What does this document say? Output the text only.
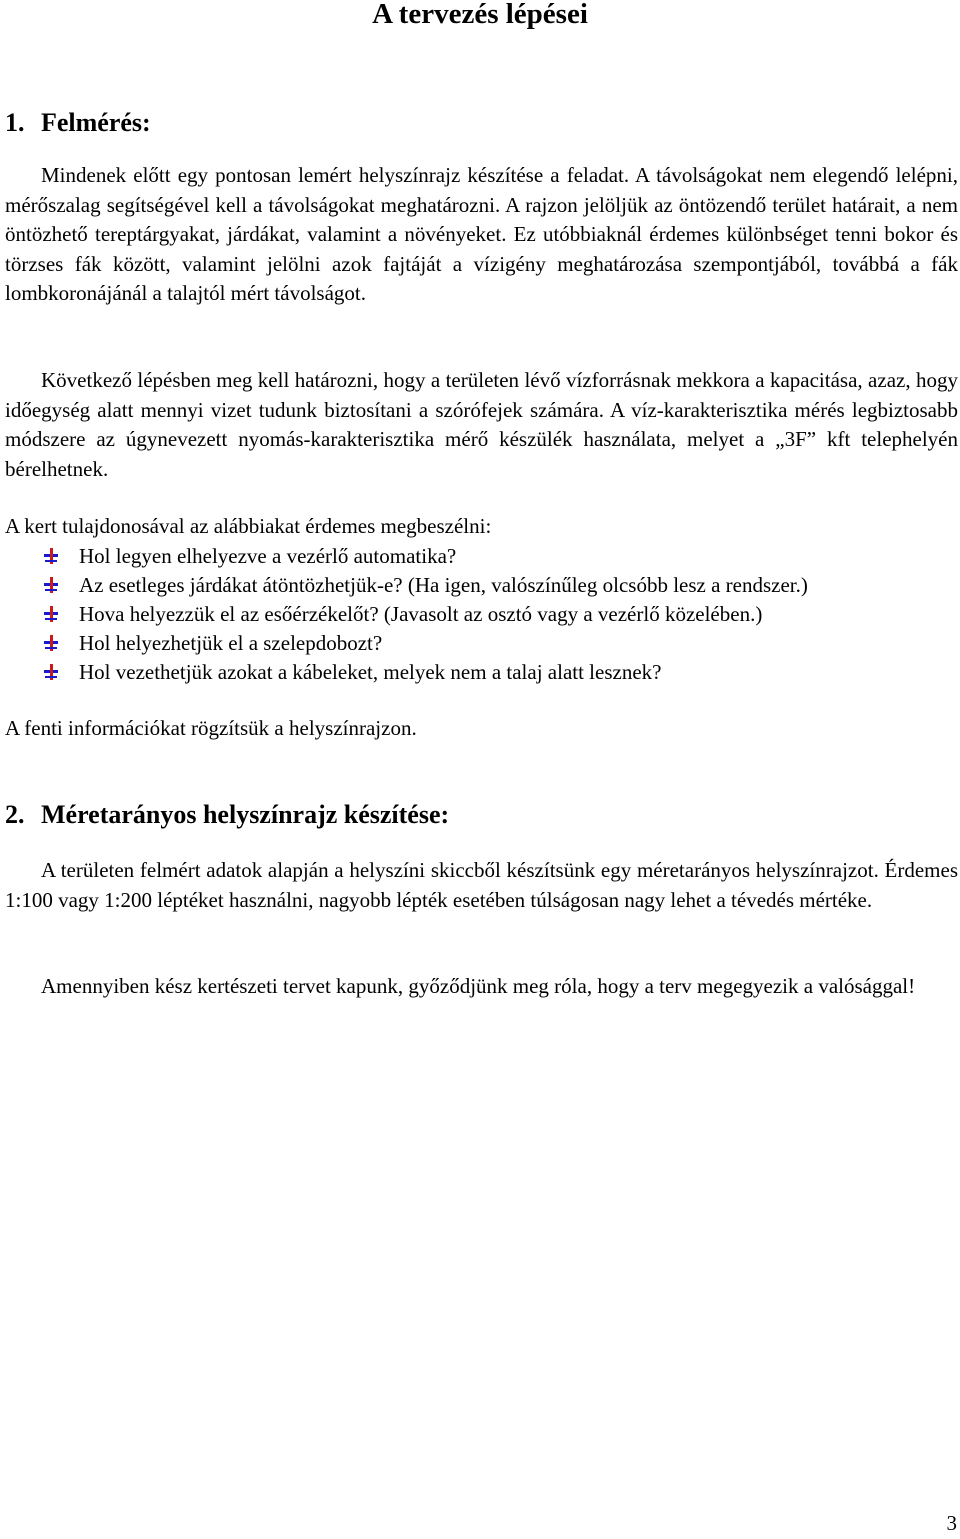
A tervezés lépései
1. Felmérés:

Mindenek előtt egy pontosan lemért helyszínrajz készítése a feladat. A távolságokat nem elegendő lelépni, mérőszalag segítségével kell a távolságokat meghatározni. A rajzon jelöljük az öntözendő terület határait, a nem öntözhető tereptárgyakat, járdákat, valamint a növényeket. Ez utóbbiaknál érdemes különbséget tenni bokor és törzses fák között, valamint jelölni azok fajtáját a vízigény meghatározása szempontjából, továbbá a fák lombkoronájánál a talajtól mért távolságot.

Következő lépésben meg kell határozni, hogy a területen lévő vízforrásnak mekkora a kapacitása, azaz, hogy időegység alatt mennyi vizet tudunk biztosítani a szórófejek számára. A víz-karakterisztika mérés legbiztosabb módszere az úgynevezett nyomás-karakterisztika mérő készülék használata, melyet a „3F” kft telephelyén bérelhetnek.

A kert tulajdonosával az alábbiakat érdemes megbeszélni:

Hol legyen elhelyezve a vezérlő automatika?
Az esetleges járdákat átöntözhetjük-e? (Ha igen, valószínűleg olcsóbb lesz a rendszer.)
Hova helyezzük el az esőérzékelőt? (Javasolt az osztó vagy a vezérlő közelében.)
Hol helyezhetjük el a szelepdobozt?
Hol vezethetjük azokat a kábeleket, melyek nem a talaj alatt lesznek?

A fenti információkat rögzítsük a helyszínrajzon.

2. Méretarányos helyszínrajz készítése:

A területen felmért adatok alapján a helyszíni skiccből készítsünk egy méretarányos helyszínrajzot. Érdemes 1:100 vagy 1:200 léptéket használni, nagyobb lépték esetében túlságosan nagy lehet a tévedés mértéke.

Amennyiben kész kertészeti tervet kapunk, győződjünk meg róla, hogy a terv megegyezik a valósággal!

3
